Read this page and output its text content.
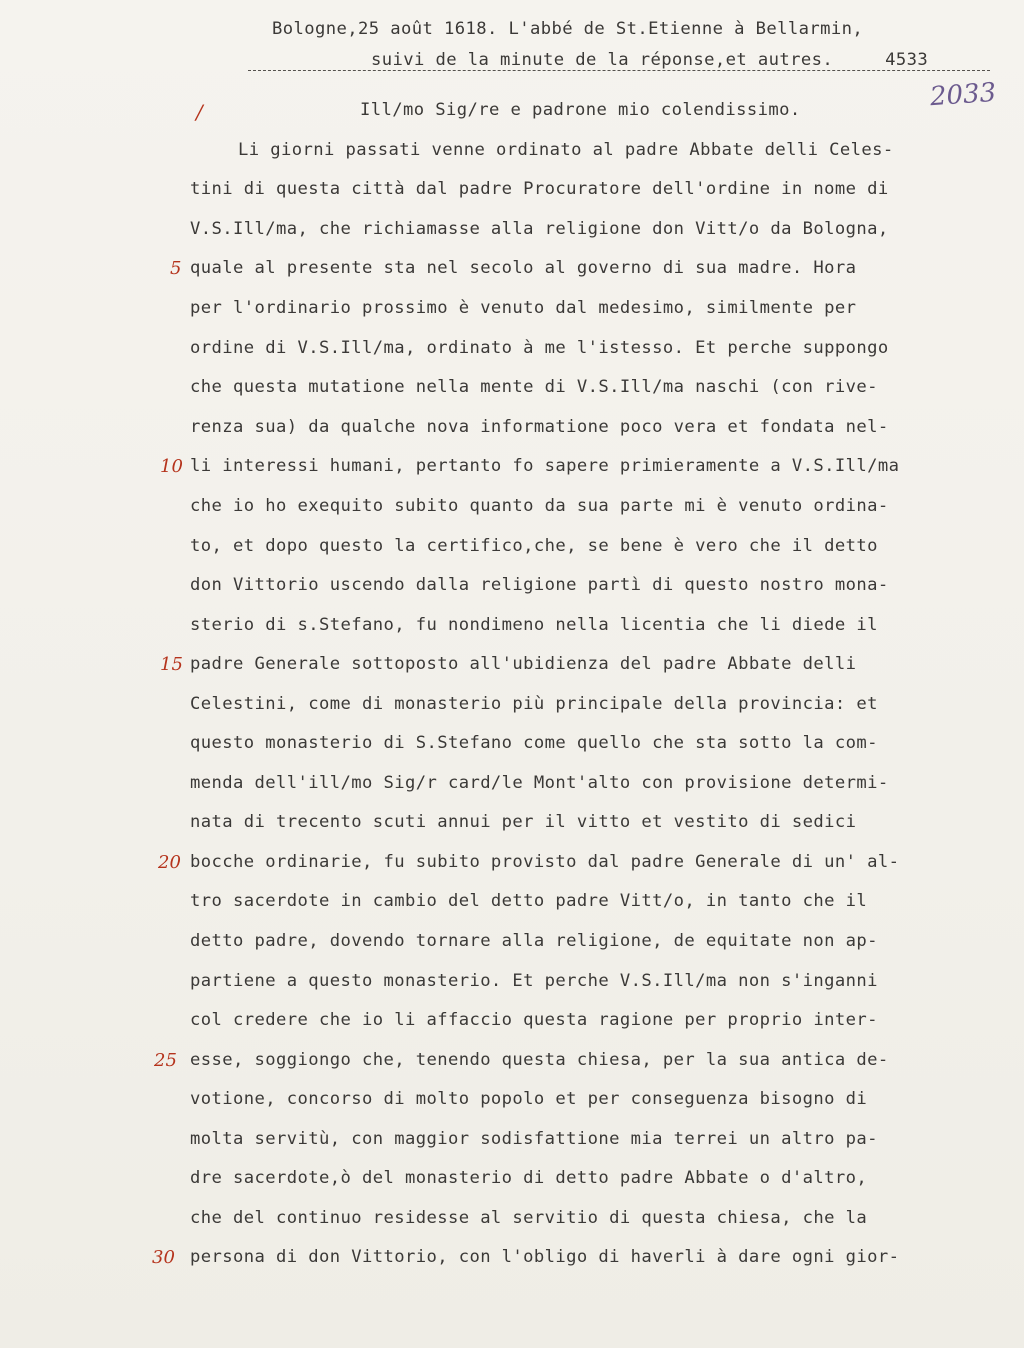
Bologne,25 août 1618. L'abbé de St.Etienne à Bellarmin,
suivi de la minute de la réponse,et autres.	4533
2033
/	Ill/mo Sig/re e padrone mio colendissimo.
Li giorni passati venne ordinato al padre Abbate delli Celes-
tini di questa città dal padre Procuratore dell'ordine in nome di
V.S.Ill/ma, che richiamasse alla religione don Vitt/o da Bologna,
quale al presente sta nel secolo al governo di sua madre. Hora
per l'ordinario prossimo è venuto dal medesimo, similmente per
ordine di V.S.Ill/ma, ordinato à me l'istesso. Et perche suppongo
che questa mutatione nella mente di V.S.Ill/ma naschi (con rive-
renza sua) da qualche nova informatione poco vera et fondata nel-
li interessi humani, pertanto fo sapere primieramente a V.S.Ill/ma
che io ho exequito subito quanto da sua parte mi è venuto ordina-
to, et dopo questo la certifico,che, se bene è vero che il detto
don Vittorio uscendo dalla religione partì di questo nostro mona-
sterio di s.Stefano, fu nondimeno nella licentia che li diede il
padre Generale sottoposto all'ubidienza del padre Abbate delli
Celestini, come di monasterio più principale della provincia: et
questo monasterio di S.Stefano come quello che sta sotto la com-
menda dell'ill/mo Sig/r card/le Mont'alto con provisione determi-
nata di trecento scuti annui per il vitto et vestito di sedici
bocche ordinarie, fu subito provisto dal padre Generale di un' al-
tro sacerdote in cambio del detto padre Vitt/o, in tanto che il
detto padre, dovendo tornare alla religione, de equitate non ap-
partiene a questo monasterio. Et perche V.S.Ill/ma non s'inganni
col credere che io li affaccio questa ragione per proprio inter-
esse, soggiongo che, tenendo questa chiesa, per la sua antica de-
votione, concorso di molto popolo et per conseguenza bisogno di
molta servitù, con maggior sodisfattione mia terrei un altro pa-
dre sacerdote,ò del monasterio di detto padre Abbate o d'altro,
che del continuo residesse al servitio di questa chiesa, che la
persona di don Vittorio, con l'obligo di haverli à dare ogni gior-
5
10
15
20
25
30
